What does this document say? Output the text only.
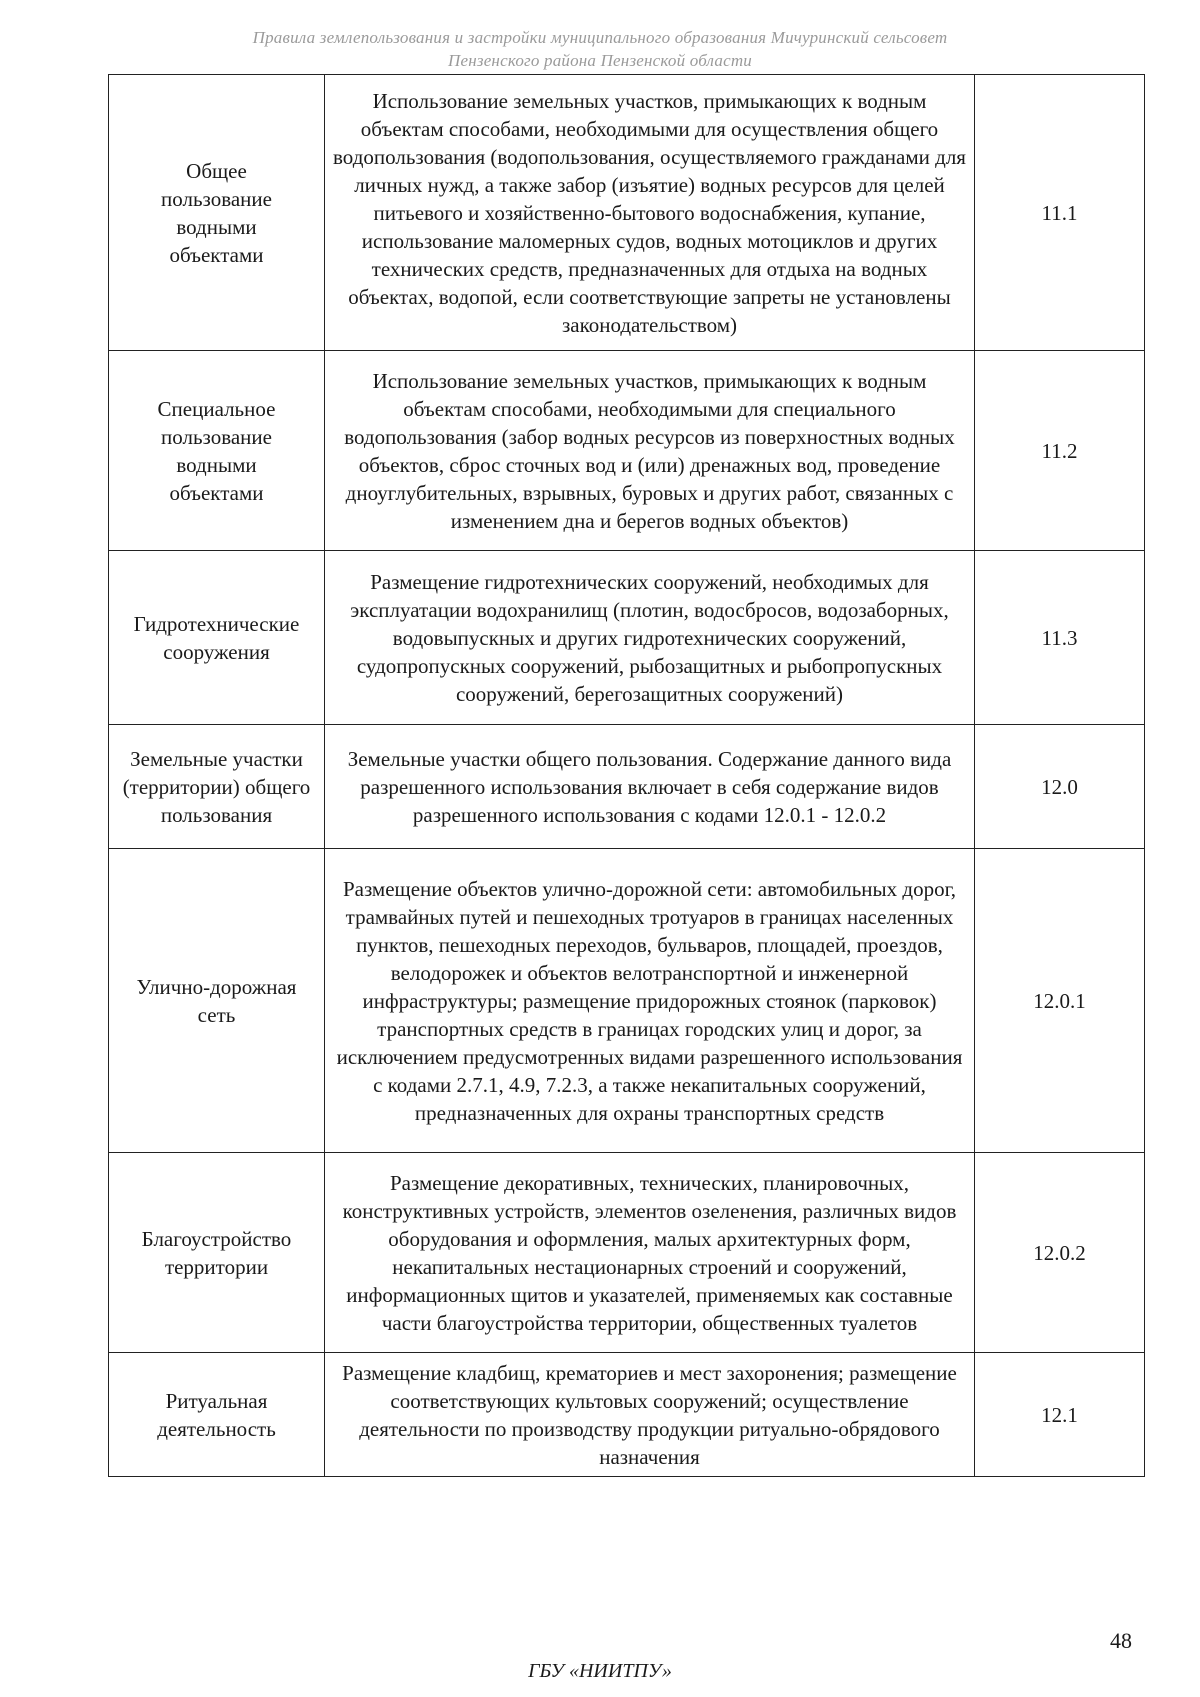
Правила землепользования и застройки муниципального образования Мичуринский сельсовет
Пензенского района Пензенской области
Общее пользование водными объектами	Использование земельных участков, примыкающих к водным объектам способами, необходимыми для осуществления общего водопользования (водопользования, осуществляемого гражданами для личных нужд, а также забор (изъятие) водных ресурсов для целей питьевого и хозяйственно-бытового водоснабжения, купание, использование маломерных судов, водных мотоциклов и других технических средств, предназначенных для отдыха на водных объектах, водопой, если соответствующие запреты не установлены законодательством)	11.1
Специальное пользование водными объектами	Использование земельных участков, примыкающих к водным объектам способами, необходимыми для специального водопользования (забор водных ресурсов из поверхностных водных объектов, сброс сточных вод и (или) дренажных вод, проведение дноуглубительных, взрывных, буровых и других работ, связанных с изменением дна и берегов водных объектов)	11.2
Гидротехнические сооружения	Размещение гидротехнических сооружений, необходимых для эксплуатации водохранилищ (плотин, водосбросов, водозаборных, водовыпускных и других гидротехнических сооружений, судопропускных сооружений, рыбозащитных и рыбопропускных сооружений, берегозащитных сооружений)	11.3
Земельные участки (территории) общего пользования	Земельные участки общего пользования. Содержание данного вида разрешенного использования включает в себя содержание видов разрешенного использования с кодами 12.0.1 - 12.0.2	12.0
Улично-дорожная сеть	Размещение объектов улично-дорожной сети: автомобильных дорог, трамвайных путей и пешеходных тротуаров в границах населенных пунктов, пешеходных переходов, бульваров, площадей, проездов, велодорожек и объектов велотранспортной и инженерной инфраструктуры; размещение придорожных стоянок (парковок) транспортных средств в границах городских улиц и дорог, за исключением предусмотренных видами разрешенного использования с кодами 2.7.1, 4.9, 7.2.3, а также некапитальных сооружений, предназначенных для охраны транспортных средств	12.0.1
Благоустройство территории	Размещение декоративных, технических, планировочных, конструктивных устройств, элементов озеленения, различных видов оборудования и оформления, малых архитектурных форм, некапитальных нестационарных строений и сооружений, информационных щитов и указателей, применяемых как составные части благоустройства территории, общественных туалетов	12.0.2
Ритуальная деятельность	Размещение кладбищ, крематориев и мест захоронения; размещение соответствующих культовых сооружений; осуществление деятельности по производству продукции ритуально-обрядового назначения	12.1
48
ГБУ «НИИТПУ»
